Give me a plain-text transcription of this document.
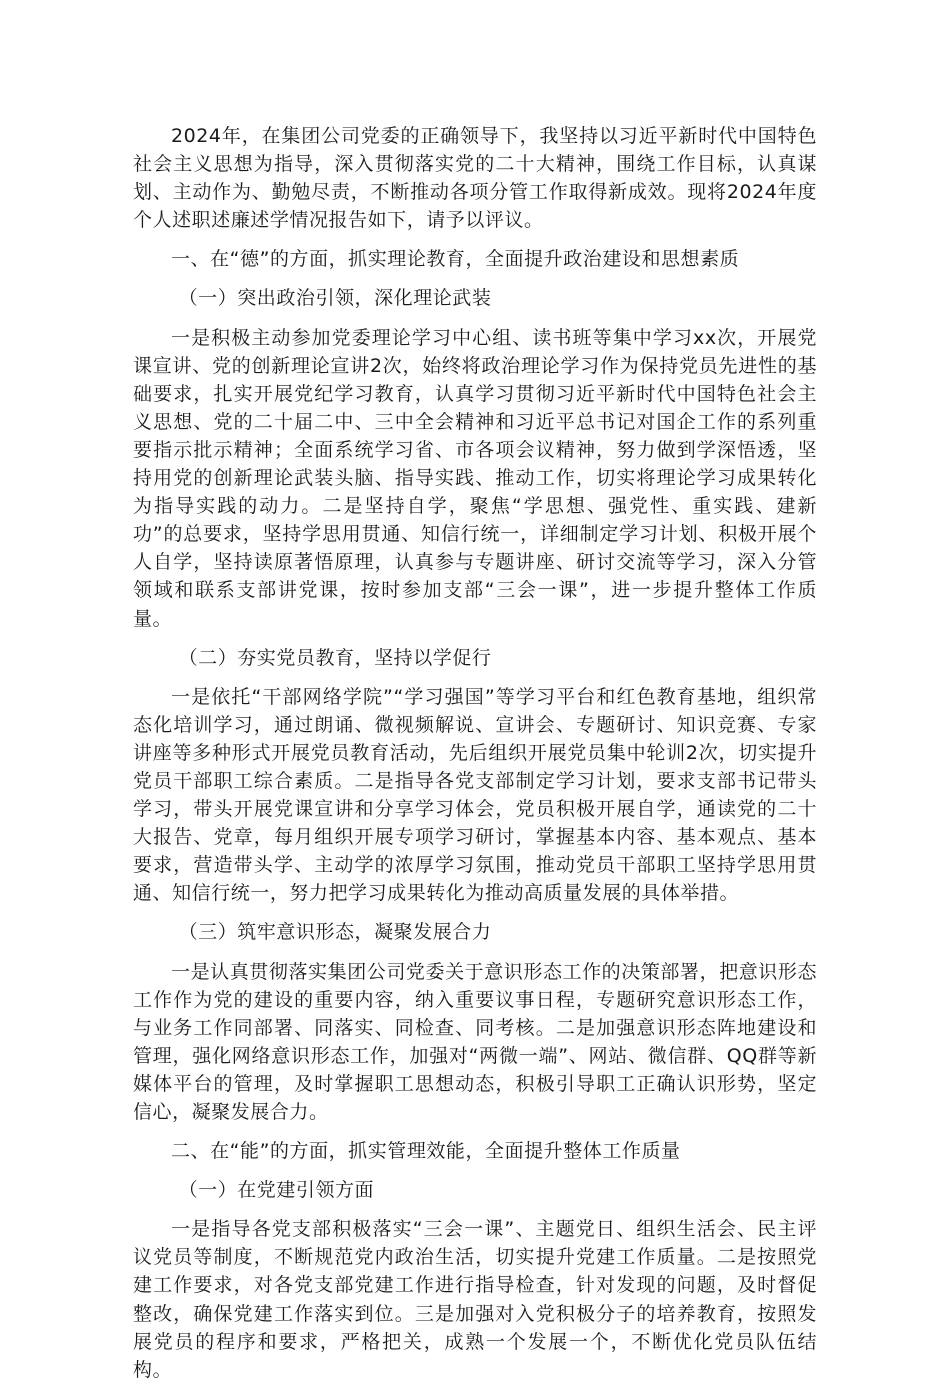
2024年，在集团公司党委的正确领导下，我坚持以习近平新时代中国特色社会主义思想为指导，深入贯彻落实党的二十大精神，围绕工作目标，认真谋划、主动作为、勤勉尽责，不断推动各项分管工作取得新成效。现将2024年度个人述职述廉述学情况报告如下，请予以评议。

一、在“德”的方面，抓实理论教育，全面提升政治建设和思想素质

（一）突出政治引领，深化理论武装

一是积极主动参加党委理论学习中心组、读书班等集中学习xx次，开展党课宣讲、党的创新理论宣讲2次，始终将政治理论学习作为保持党员先进性的基础要求，扎实开展党纪学习教育，认真学习贯彻习近平新时代中国特色社会主义思想、党的二十届二中、三中全会精神和习近平总书记对国企工作的系列重要指示批示精神；全面系统学习省、市各项会议精神，努力做到学深悟透，坚持用党的创新理论武装头脑、指导实践、推动工作，切实将理论学习成果转化为指导实践的动力。二是坚持自学，聚焦“学思想、强党性、重实践、建新功”的总要求，坚持学思用贯通、知信行统一，详细制定学习计划、积极开展个人自学，坚持读原著悟原理，认真参与专题讲座、研讨交流等学习，深入分管领域和联系支部讲党课，按时参加支部“三会一课”，进一步提升整体工作质量。

（二）夯实党员教育，坚持以学促行

一是依托“干部网络学院”“学习强国”等学习平台和红色教育基地，组织常态化培训学习，通过朗诵、微视频解说、宣讲会、专题研讨、知识竞赛、专家讲座等多种形式开展党员教育活动，先后组织开展党员集中轮训2次，切实提升党员干部职工综合素质。二是指导各党支部制定学习计划，要求支部书记带头学习，带头开展党课宣讲和分享学习体会，党员积极开展自学，通读党的二十大报告、党章，每月组织开展专项学习研讨，掌握基本内容、基本观点、基本要求，营造带头学、主动学的浓厚学习氛围，推动党员干部职工坚持学思用贯通、知信行统一，努力把学习成果转化为推动高质量发展的具体举措。

（三）筑牢意识形态，凝聚发展合力

一是认真贯彻落实集团公司党委关于意识形态工作的决策部署，把意识形态工作作为党的建设的重要内容，纳入重要议事日程，专题研究意识形态工作，与业务工作同部署、同落实、同检查、同考核。二是加强意识形态阵地建设和管理，强化网络意识形态工作，加强对“两微一端”、网站、微信群、QQ群等新媒体平台的管理，及时掌握职工思想动态，积极引导职工正确认识形势，坚定信心，凝聚发展合力。

二、在“能”的方面，抓实管理效能，全面提升整体工作质量

（一）在党建引领方面

一是指导各党支部积极落实“三会一课”、主题党日、组织生活会、民主评议党员等制度，不断规范党内政治生活，切实提升党建工作质量。二是按照党建工作要求，对各党支部党建工作进行指导检查，针对发现的问题，及时督促整改，确保党建工作落实到位。三是加强对入党积极分子的培养教育，按照发展党员的程序和要求，严格把关，成熟一个发展一个，不断优化党员队伍结构。
